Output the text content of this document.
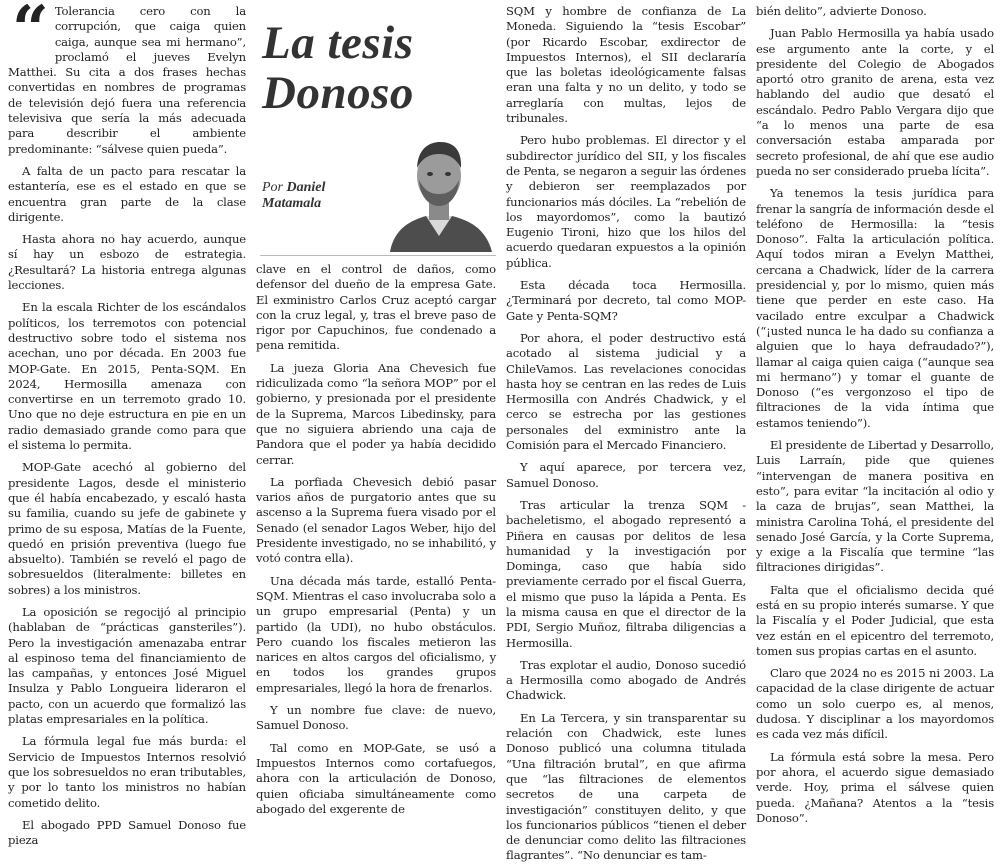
“ Tolerancia cero con la corrupción, que caiga quien caiga, aunque sea mi hermano”, proclamó el jueves Evelyn Matthei. Su cita a dos frases hechas convertidas en nombres de programas de televisión dejó fuera una referencia televisiva que sería la más adecuada para describir el ambiente predominante: “sálvese quien pueda”.

A falta de un pacto para rescatar la estantería, ese es el estado en que se encuentra gran parte de la clase dirigente.

Hasta ahora no hay acuerdo, aunque sí hay un esbozo de estrategia. ¿Resultará? La historia entrega algunas lecciones.

En la escala Richter de los escándalos políticos, los terremotos con potencial destructivo sobre todo el sistema nos acechan, uno por década. En 2003 fue MOP-Gate. En 2015, Penta-SQM. En 2024, Hermosilla amenaza con convertirse en un terremoto grado 10. Uno que no deje estructura en pie en un radio demasiado grande como para que el sistema lo permita.

MOP-Gate acechó al gobierno del presidente Lagos, desde el ministerio que él había encabezado, y escaló hasta su familia, cuando su jefe de gabinete y primo de su esposa, Matías de la Fuente, quedó en prisión preventiva (luego fue absuelto). También se reveló el pago de sobresueldos (literalmente: billetes en sobres) a los ministros.

La oposición se regocijó al principio (hablaban de “prácticas gansteriles”). Pero la investigación amenazaba entrar al espinoso tema del financiamiento de las campañas, y entonces José Miguel Insulza y Pablo Longueira lideraron el pacto, con un acuerdo que formalizó las platas empresariales en la política.

La fórmula legal fue más burda: el Servicio de Impuestos Internos resolvió que los sobresueldos no eran tributables, y por lo tanto los ministros no habían cometido delito.

El abogado PPD Samuel Donoso fue pieza

La tesis
Donoso
Por Daniel
Matamala

clave en el control de daños, como defensor del dueño de la empresa Gate. El exministro Carlos Cruz aceptó cargar con la cruz legal, y, tras el breve paso de rigor por Capuchinos, fue condenado a pena remitida.

La jueza Gloria Ana Chevesich fue ridiculizada como “la señora MOP” por el gobierno, y presionada por el presidente de la Suprema, Marcos Libedinsky, para que no siguiera abriendo una caja de Pandora que el poder ya había decidido cerrar.

La porfiada Chevesich debió pasar varios años de purgatorio antes que su ascenso a la Suprema fuera visado por el Senado (el senador Lagos Weber, hijo del Presidente investigado, no se inhabilitó, y votó contra ella).

Una década más tarde, estalló Penta-SQM. Mientras el caso involucraba solo a un grupo empresarial (Penta) y un partido (la UDI), no hubo obstáculos. Pero cuando los fiscales metieron las narices en altos cargos del oficialismo, y en todos los grandes grupos empresariales, llegó la hora de frenarlos.

Y un nombre fue clave: de nuevo, Samuel Donoso.

Tal como en MOP-Gate, se usó a Impuestos Internos como cortafuegos, ahora con la articulación de Donoso, quien oficiaba simultáneamente como abogado del exgerente de

SQM y hombre de confianza de La Moneda. Siguiendo la “tesis Escobar” (por Ricardo Escobar, exdirector de Impuestos Internos), el SII declararía que las boletas ideológicamente falsas eran una falta y no un delito, y todo se arreglaría con multas, lejos de tribunales.

Pero hubo problemas. El director y el subdirector jurídico del SII, y los fiscales de Penta, se negaron a seguir las órdenes y debieron ser reemplazados por funcionarios más dóciles. La “rebelión de los mayordomos”, como la bautizó Eugenio Tironi, hizo que los hilos del acuerdo quedaran expuestos a la opinión pública.

Esta década toca Hermosilla. ¿Terminará por decreto, tal como MOP-Gate y Penta-SQM?

Por ahora, el poder destructivo está acotado al sistema judicial y a ChileVamos. Las revelaciones conocidas hasta hoy se centran en las redes de Luis Hermosilla con Andrés Chadwick, y el cerco se estrecha por las gestiones personales del exministro ante la Comisión para el Mercado Financiero.

Y aquí aparece, por tercera vez, Samuel Donoso.

Tras articular la trenza SQM - bacheletismo, el abogado representó a Piñera en causas por delitos de lesa humanidad y la investigación por Dominga, caso que había sido previamente cerrado por el fiscal Guerra, el mismo que puso la lápida a Penta. Es la misma causa en que el director de la PDI, Sergio Muñoz, filtraba diligencias a Hermosilla.

Tras explotar el audio, Donoso sucedió a Hermosilla como abogado de Andrés Chadwick.

En La Tercera, y sin transparentar su relación con Chadwick, este lunes Donoso publicó una columna titulada “Una filtración brutal”, en que afirma que “las filtraciones de elementos secretos de una carpeta de investigación” constituyen delito, y que los funcionarios públicos “tienen el deber de denunciar como delito las filtraciones flagrantes”. “No denunciar es tam-

bién delito”, advierte Donoso.

Juan Pablo Hermosilla ya había usado ese argumento ante la corte, y el presidente del Colegio de Abogados aportó otro granito de arena, esta vez hablando del audio que desató el escándalo. Pedro Pablo Vergara dijo que “a lo menos una parte de esa conversación estaba amparada por secreto profesional, de ahí que ese audio pueda no ser considerado prueba lícita”.

Ya tenemos la tesis jurídica para frenar la sangría de información desde el teléfono de Hermosilla: la “tesis Donoso”. Falta la articulación política. Aquí todos miran a Evelyn Matthei, cercana a Chadwick, líder de la carrera presidencial y, por lo mismo, quien más tiene que perder en este caso. Ha vacilado entre exculpar a Chadwick (“¡usted nunca le ha dado su confianza a alguien que lo haya defraudado?”), llamar al caiga quien caiga (“aunque sea mi hermano”) y tomar el guante de Donoso (“es vergonzoso el tipo de filtraciones de la vida íntima que estamos teniendo”).

El presidente de Libertad y Desarrollo, Luis Larraín, pide que quienes “intervengan de manera positiva en esto”, para evitar “la incitación al odio y la caza de brujas”, sean Matthei, la ministra Carolina Tohá, el presidente del senado José García, y la Corte Suprema, y exige a la Fiscalía que termine “las filtraciones dirigidas”.

Falta que el oficialismo decida qué está en su propio interés sumarse. Y que la Fiscalía y el Poder Judicial, que esta vez están en el epicentro del terremoto, tomen sus propias cartas en el asunto.

Claro que 2024 no es 2015 ni 2003. La capacidad de la clase dirigente de actuar como un solo cuerpo es, al menos, dudosa. Y disciplinar a los mayordomos es cada vez más difícil.

La fórmula está sobre la mesa. Pero por ahora, el acuerdo sigue demasiado verde. Hoy, prima el sálvese quien pueda. ¿Mañana? Atentos a la “tesis Donoso”.
